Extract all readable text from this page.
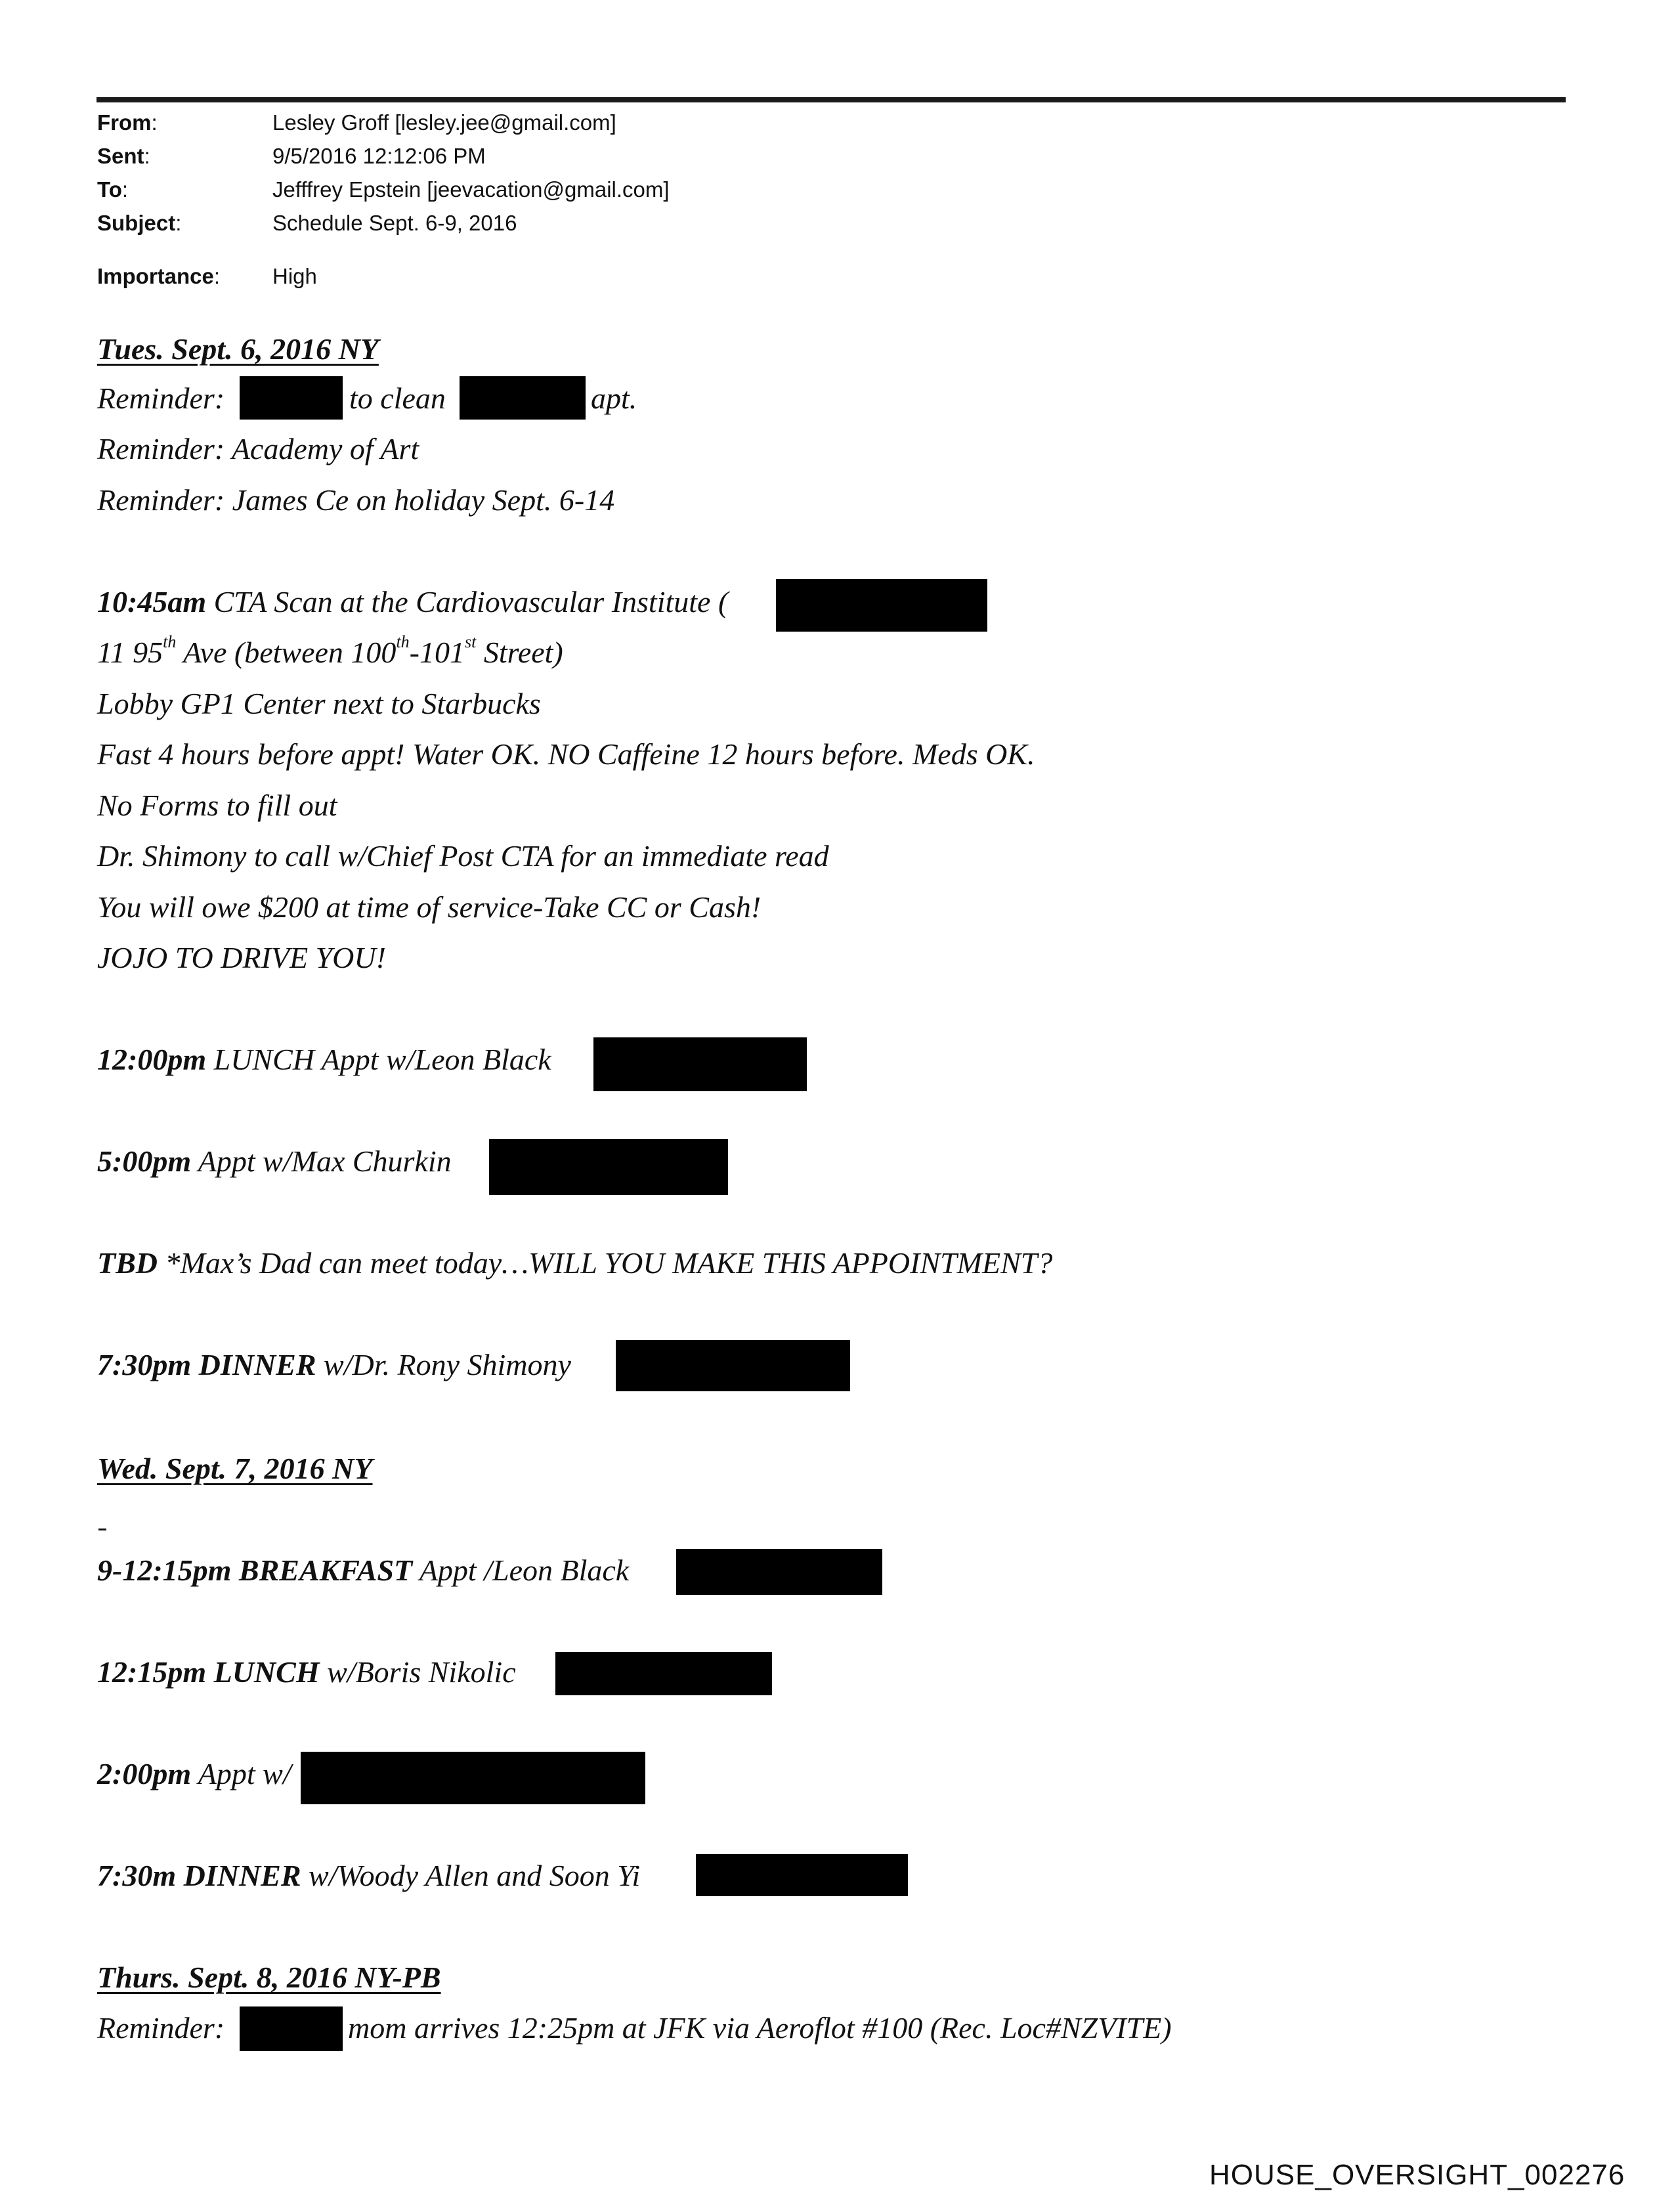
From:	Lesley Groff [lesley.jee@gmail.com]
Sent:	9/5/2016 12:12:06 PM
To:	Jefffrey Epstein [jeevacation@gmail.com]
Subject:	Schedule Sept. 6-9, 2016
Importance: High
Tues. Sept. 6, 2016 NY
Reminder:	to clean	apt.
Reminder: Academy of Art
Reminder: James Ce on holiday Sept. 6-14
10:45am CTA Scan at the Cardiovascular Institute (
11 95th Ave (between 100th-101st Street)
Lobby GP1 Center next to Starbucks
Fast 4 hours before appt! Water OK. NO Caffeine 12 hours before. Meds OK.
No Forms to fill out
Dr. Shimony to call w/Chief Post CTA for an immediate read
You will owe $200 at time of service-Take CC or Cash!
JOJO TO DRIVE YOU!
12:00pm LUNCH Appt w/Leon Black
5:00pm Appt w/Max Churkin
TBD *Max’s Dad can meet today…WILL YOU MAKE THIS APPOINTMENT?
7:30pm DINNER w/Dr. Rony Shimony
Wed. Sept. 7, 2016 NY
9-12:15pm BREAKFAST Appt /Leon Black
12:15pm LUNCH w/Boris Nikolic
2:00pm Appt w/
7:30m DINNER w/Woody Allen and Soon Yi
Thurs. Sept. 8, 2016 NY-PB
Reminder:	mom arrives 12:25pm at JFK via Aeroflot #100 (Rec. Loc#NZVITE)
HOUSE_OVERSIGHT_002276
